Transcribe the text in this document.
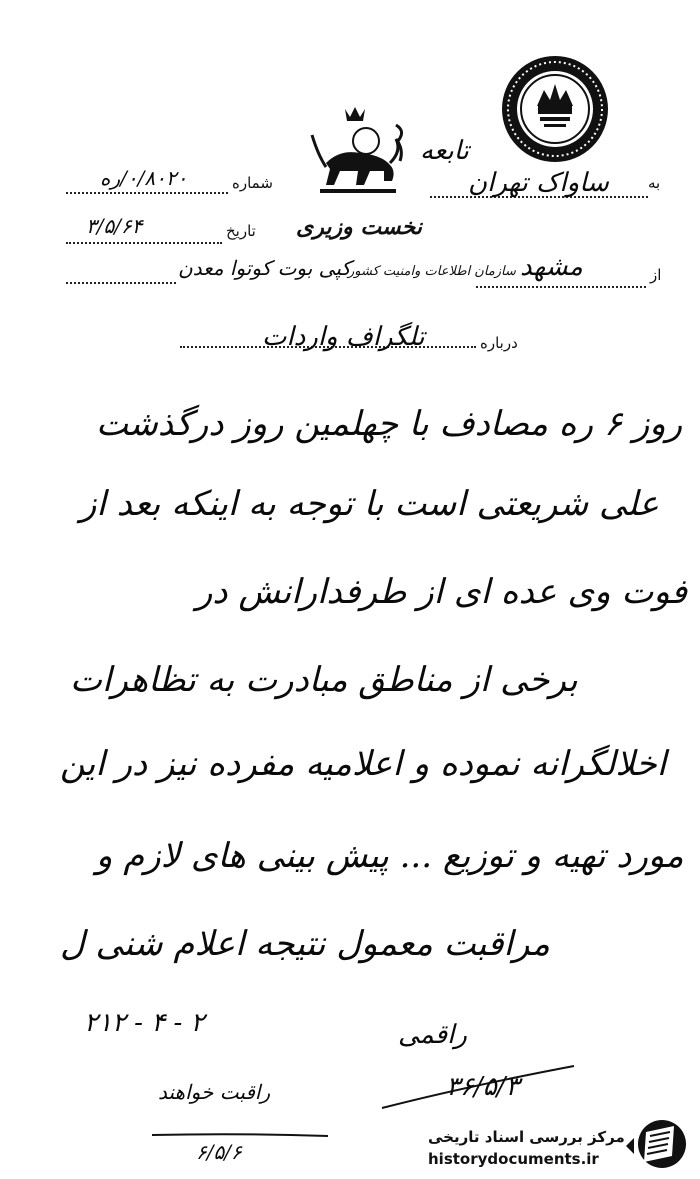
نخست وزیری
سازمان اطلاعات وامنیت کشور
کپی بوت کوتوا معدن
به
ساواک تهران
تابعه
شماره
۰/۸۰۲۰/ره
تاریخ
۳/۵/۶۴
از
مشهد
درباره
تلگراف واردات
روز ۶ ره مصادف با چهلمین روز درگذشت
علی شریعتی است با توجه به اینکه بعد از
فوت وی عده ای از طرفدارانش در
برخی از مناطق مبادرت به تظاهرات
اخلالگرانه نموده و اعلامیه مفرده نیز در این
مورد تهیه و توزیع ... پیش بینی های لازم و
مراقبت معمول نتیجه اعلام شنی ل
۲۱۲ - ۴ - ۲	راقمی
۳۶/۵/۳
راقبت خواهند
۶/۵/۶
مرکز بررسی اسناد تاریخی
historydocuments.ir
